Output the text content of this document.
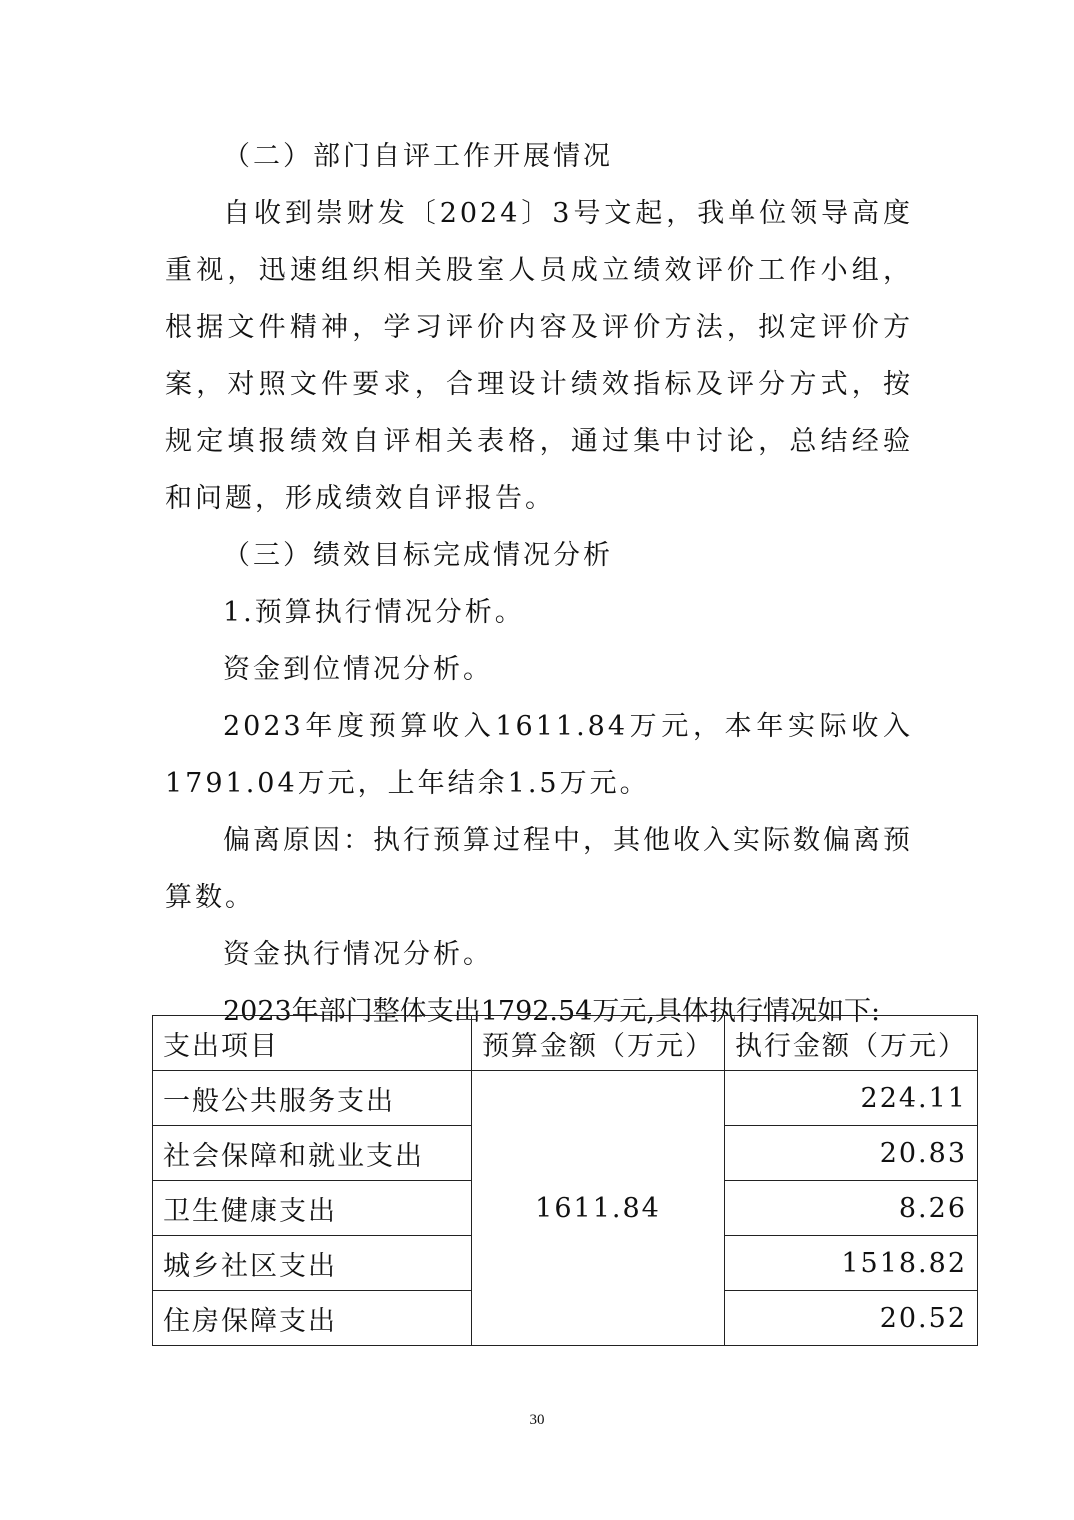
（二）部门自评工作开展情况

自收到崇财发〔2024〕3号文起，我单位领导高度重视，迅速组织相关股室人员成立绩效评价工作小组，根据文件精神，学习评价内容及评价方法，拟定评价方案，对照文件要求，合理设计绩效指标及评分方式，按规定填报绩效自评相关表格，通过集中讨论，总结经验和问题，形成绩效自评报告。

（三）绩效目标完成情况分析

1.预算执行情况分析。

资金到位情况分析。

2023年度预算收入1611.84万元，本年实际收入1791.04万元，上年结余1.5万元。

偏离原因：执行预算过程中，其他收入实际数偏离预算数。

资金执行情况分析。

2023年部门整体支出1792.54万元,具体执行情况如下:

支出项目	预算金额（万元）	执行金额（万元）
一般公共服务支出	1611.84	224.11
社会保障和就业支出		20.83
卫生健康支出		8.26
城乡社区支出		1518.82
住房保障支出		20.52
30
